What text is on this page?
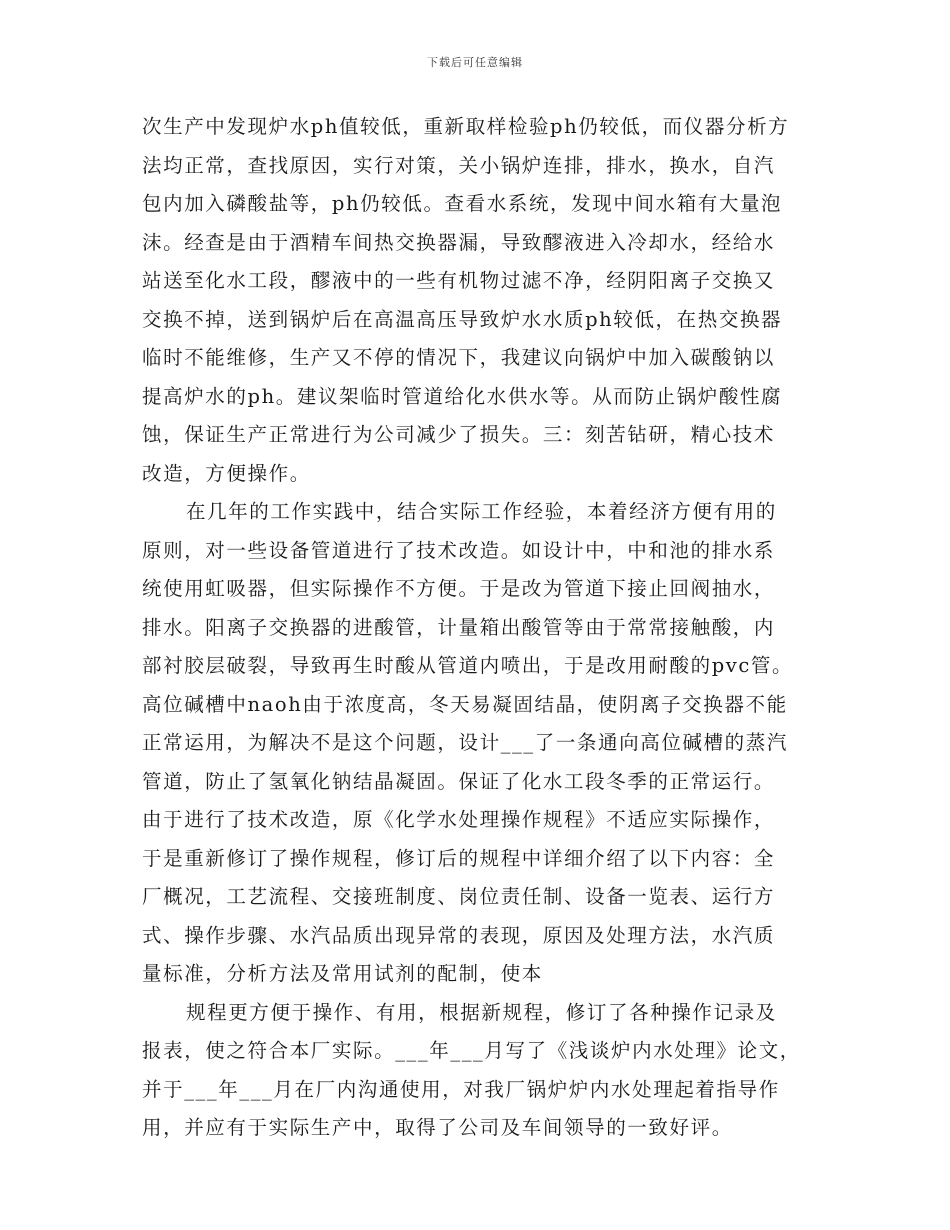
下载后可任意编辑
次生产中发现炉水ph值较低，重新取样检验ph仍较低，而仪器分析方
法均正常，查找原因，实行对策，关小锅炉连排，排水，换水，自汽
包内加入磷酸盐等，ph仍较低。查看水系统，发现中间水箱有大量泡
沫。经查是由于酒精车间热交换器漏，导致醪液进入冷却水，经给水
站送至化水工段，醪液中的一些有机物过滤不净，经阴阳离子交换又
交换不掉，送到锅炉后在高温高压导致炉水水质ph较低，在热交换器
临时不能维修，生产又不停的情况下，我建议向锅炉中加入碳酸钠以
提高炉水的ph。建议架临时管道给化水供水等。从而防止锅炉酸性腐
蚀，保证生产正常进行为公司减少了损失。三：刻苦钻研，精心技术
改造，方便操作。
在几年的工作实践中，结合实际工作经验，本着经济方便有用的
原则，对一些设备管道进行了技术改造。如设计中，中和池的排水系
统使用虹吸器，但实际操作不方便。于是改为管道下接止回阀抽水，
排水。阳离子交换器的进酸管，计量箱出酸管等由于常常接触酸，内
部衬胶层破裂，导致再生时酸从管道内喷出，于是改用耐酸的pvc管。
高位碱槽中naoh由于浓度高，冬天易凝固结晶，使阴离子交换器不能
正常运用，为解决不是这个问题，设计___了一条通向高位碱槽的蒸汽
管道，防止了氢氧化钠结晶凝固。保证了化水工段冬季的正常运行。
由于进行了技术改造，原《化学水处理操作规程》不适应实际操作，
于是重新修订了操作规程，修订后的规程中详细介绍了以下内容：全
厂概况，工艺流程、交接班制度、岗位责任制、设备一览表、运行方
式、操作步骤、水汽品质出现异常的表现，原因及处理方法，水汽质
量标准，分析方法及常用试剂的配制，使本
规程更方便于操作、有用，根据新规程，修订了各种操作记录及
报表，使之符合本厂实际。___年___月写了《浅谈炉内水处理》论文，
并于___年___月在厂内沟通使用，对我厂锅炉炉内水处理起着指导作
用，并应有于实际生产中，取得了公司及车间领导的一致好评。
